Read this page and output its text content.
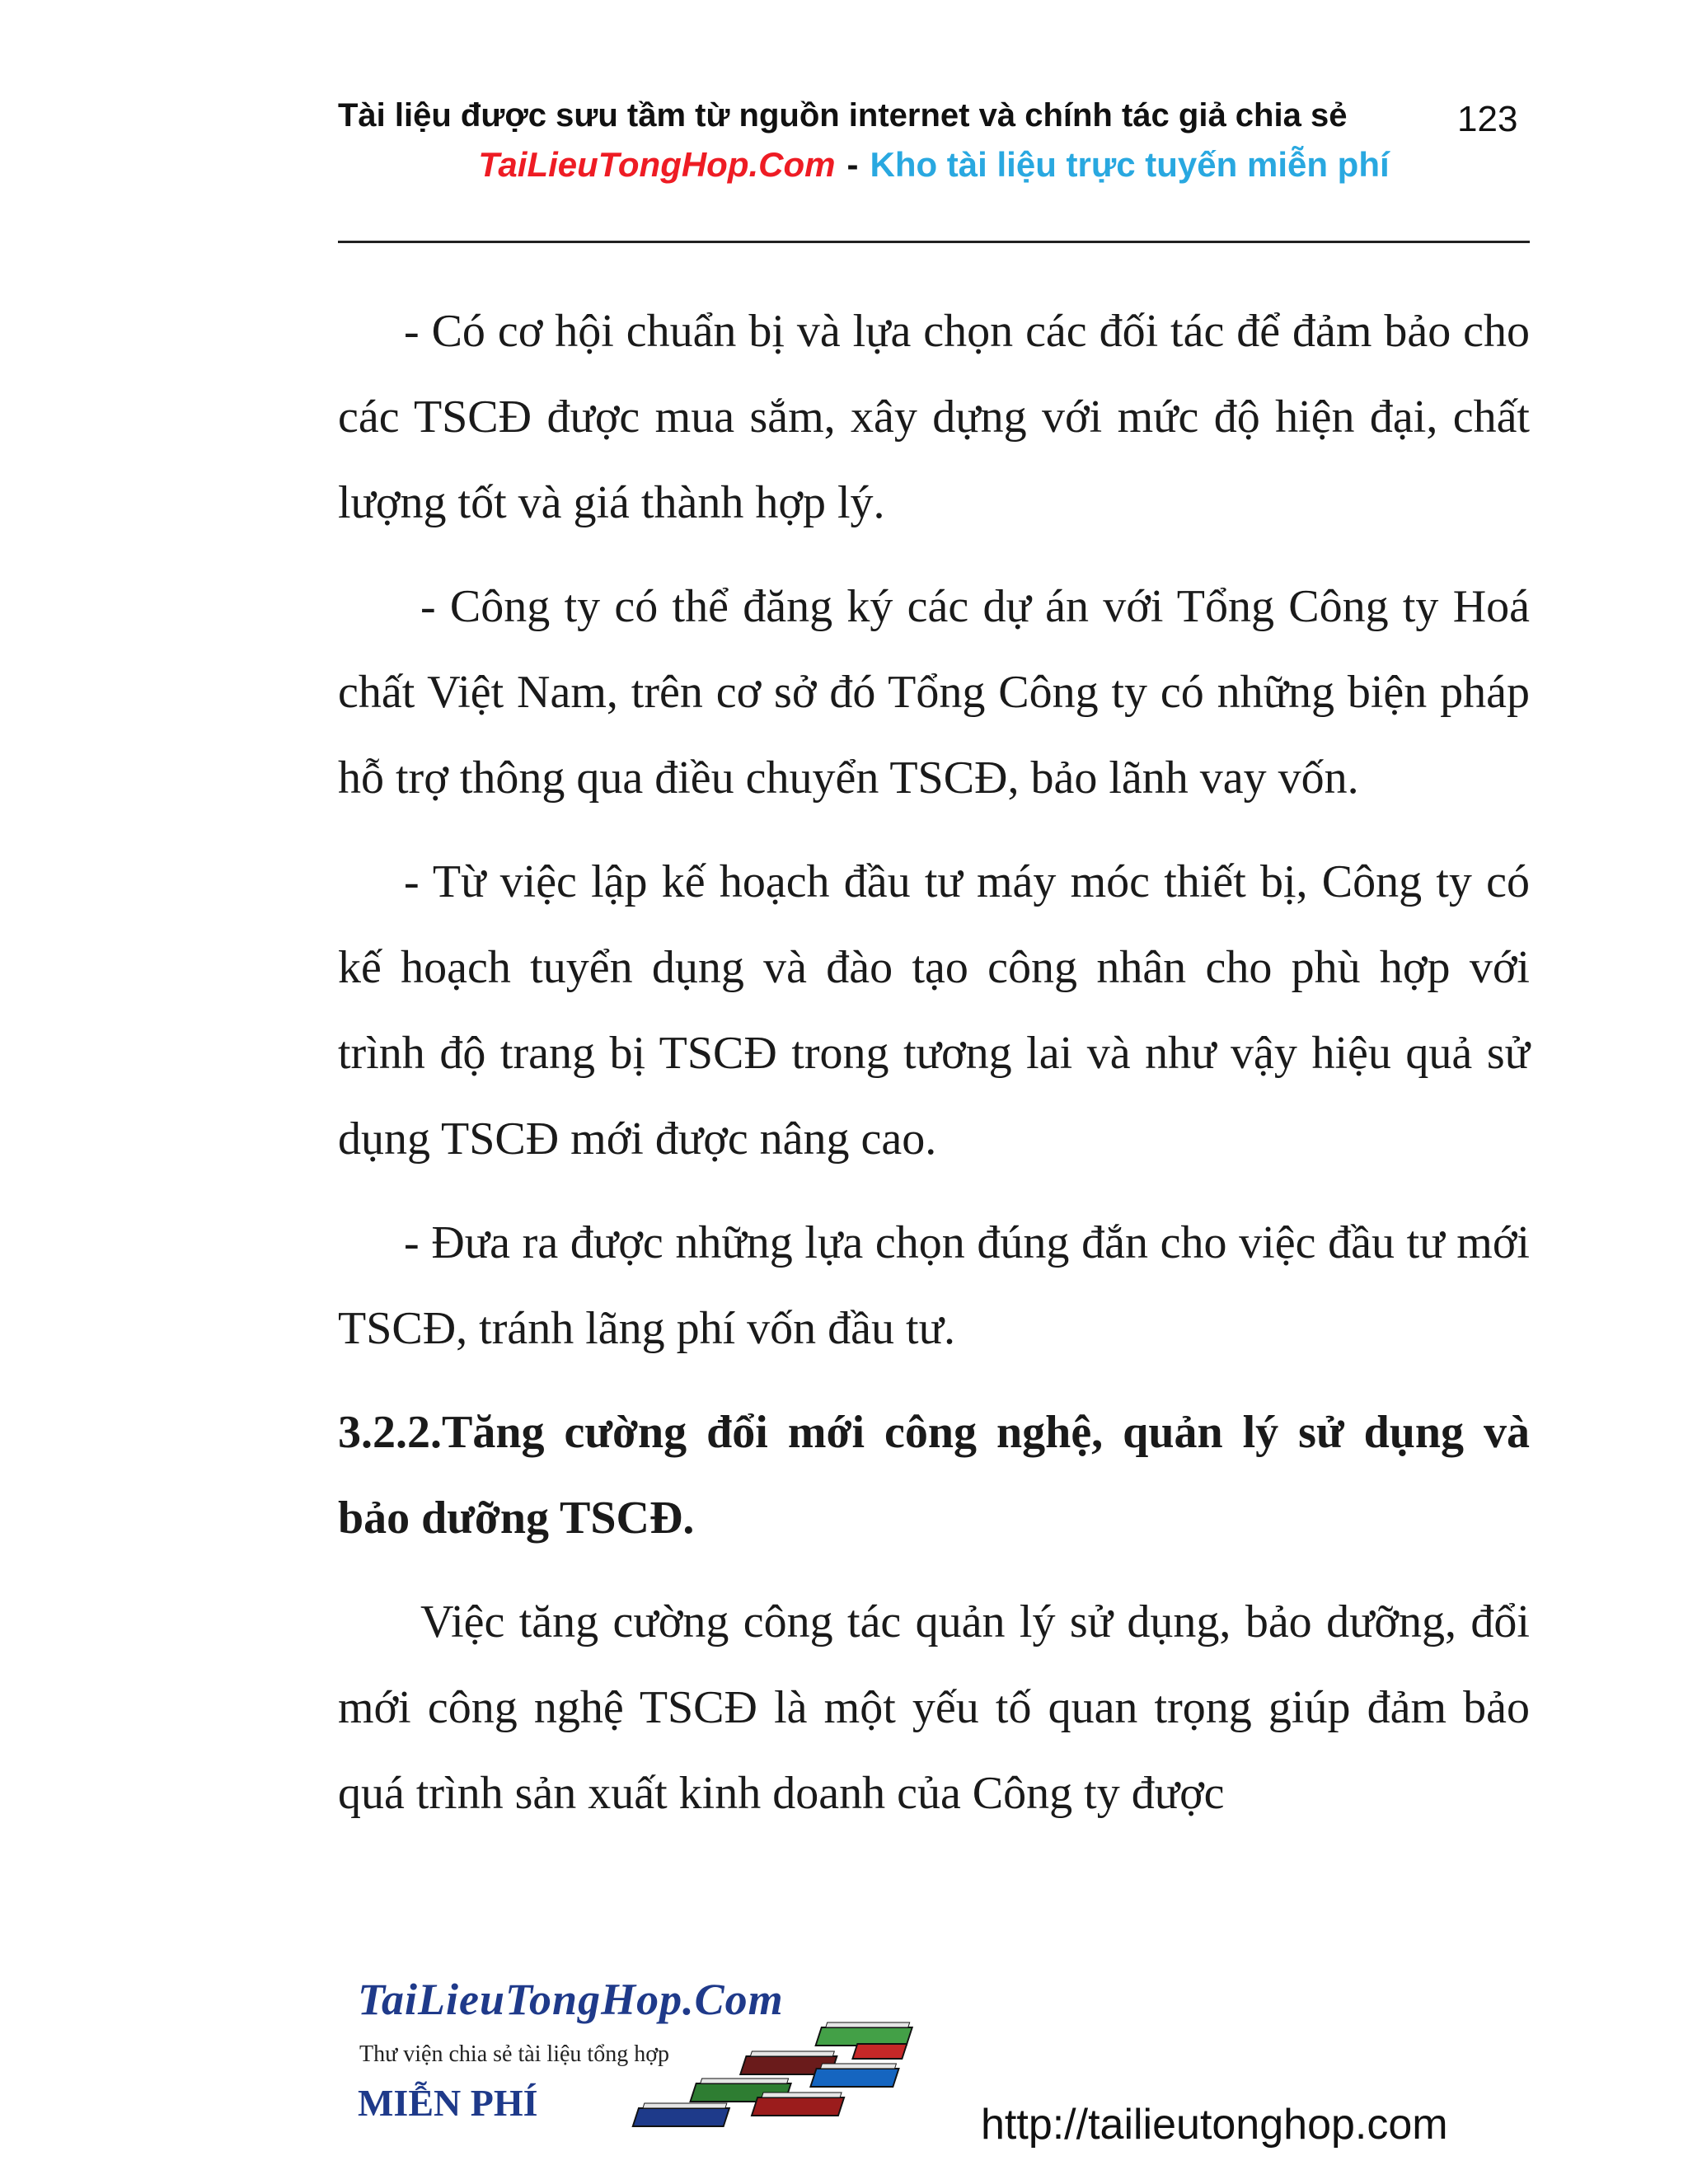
Tài liệu được sưu tầm từ nguồn internet và chính tác giả chia sẻ	123
TaiLieuTongHop.Com - Kho tài liệu trực tuyến miễn phí

- Có cơ hội chuẩn bị và lựa chọn các đối tác để đảm bảo cho các TSCĐ được mua sắm, xây dựng với mức độ hiện đại, chất lượng tốt và giá thành hợp lý.

- Công ty có thể đăng ký các dự án với Tổng Công ty Hoá chất Việt Nam, trên cơ sở đó Tổng Công ty có những biện pháp hỗ trợ thông qua điều chuyển TSCĐ, bảo lãnh vay vốn.

- Từ việc lập kế hoạch đầu tư máy móc thiết bị, Công ty có kế hoạch tuyển dụng và đào tạo công nhân cho phù hợp với trình độ trang bị TSCĐ trong tương lai và như vậy hiệu quả sử dụng TSCĐ mới được nâng cao.

- Đưa ra được những lựa chọn đúng đắn cho việc đầu tư mới TSCĐ, tránh lãng phí vốn đầu tư.

3.2.2.Tăng cường đổi mới công nghệ, quản lý sử dụng và bảo dưỡng TSCĐ.

Việc tăng cường công tác quản lý sử dụng, bảo dưỡng, đổi mới công nghệ TSCĐ là một yếu tố quan trọng giúp đảm bảo quá trình sản xuất kinh doanh của Công ty được

TaiLieuTongHop.Com
Thư viện chia sẻ tài liệu tổng hợp
MIỄN PHÍ	http://tailieutonghop.com
